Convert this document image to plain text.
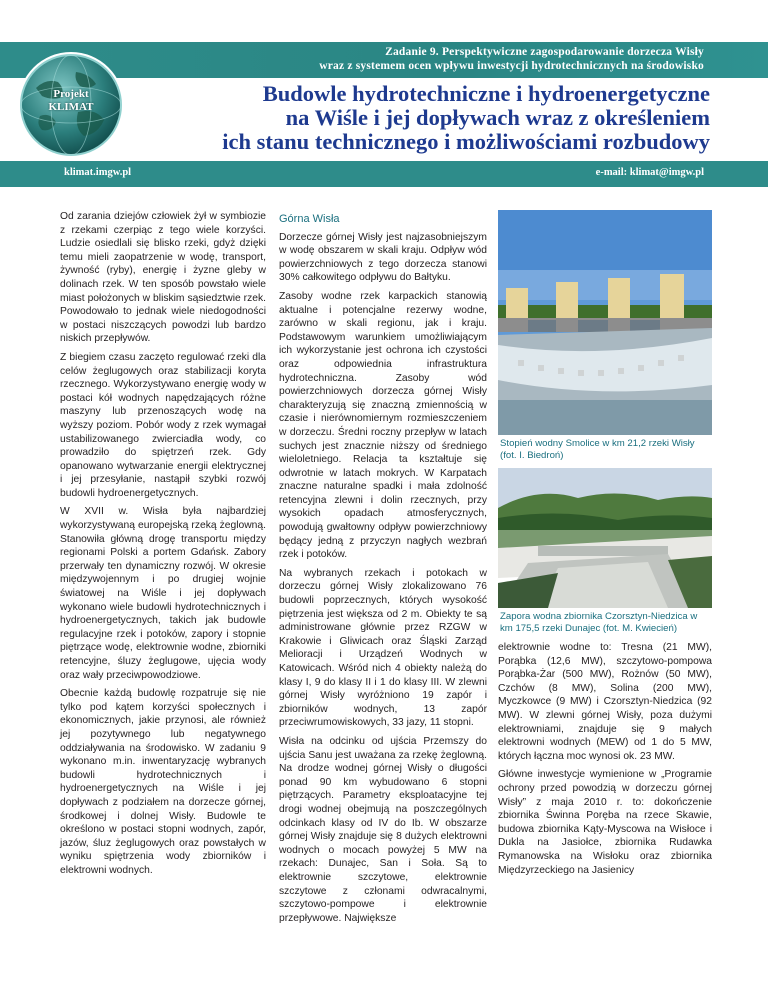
Zadanie 9. Perspektywiczne zagospodarowanie dorzecza Wisły
wraz z systemem ocen wpływu inwestycji hydrotechnicznych na środowisko
Projekt
KLIMAT
Budowle hydrotechniczne i hydroenergetyczne
na Wiśle i jej dopływach wraz z określeniem
ich stanu technicznego i możliwościami rozbudowy
klimat.imgw.pl	e-mail: klimat@imgw.pl

Od zarania dziejów człowiek żył w symbiozie z rzekami czerpiąc z tego wiele korzyści. Ludzie osiedlali się blisko rzeki, gdyż dzięki temu mieli zaopatrzenie w wodę, transport, żywność (ryby), energię i żyzne gleby w dolinach rzek. W ten sposób powstało wiele miast położonych w bliskim sąsiedztwie rzek. Powodowało to jednak wiele niedogodności w postaci niszczących powodzi lub bardzo niskich przepływów.

Z biegiem czasu zaczęto regulować rzeki dla celów żeglugowych oraz stabilizacji koryta rzecznego. Wykorzystywano energię wody w postaci kół wodnych napędzających różne maszyny lub przenoszących wodę na wyższy poziom. Pobór wody z rzek wymagał ustabilizowanego zwierciadła wody, co prowadziło do spiętrzeń rzek. Gdy opanowano wytwarzanie energii elektrycznej i jej przesyłanie, nastąpił szybki rozwój budowli hydroenergetycznych.

W XVII w. Wisła była najbardziej wykorzystywaną europejską rzeką żeglowną. Stanowiła główną drogę transportu między regionami Polski a portem Gdańsk. Zabory przerwały ten dynamiczny rozwój. W okresie międzywojennym i po drugiej wojnie światowej na Wiśle i jej dopływach wykonano wiele budowli hydrotechnicznych i hydroenergetycznych, takich jak budowle regulacyjne rzek i potoków, zapory i stopnie piętrzące wodę, elektrownie wodne, zbiorniki retencyjne, śluzy żeglugowe, ujęcia wody oraz wały przeciwpowodziowe.

Obecnie każdą budowlę rozpatruje się nie tylko pod kątem korzyści społecznych i ekonomicznych, jakie przynosi, ale również jej pozytywnego lub negatywnego oddziaływania na środowisko. W zadaniu 9 wykonano m.in. inwentaryzację wybranych budowli hydrotechnicznych i hydroenergetycznych na Wiśle i jej dopływach z podziałem na dorzecze górnej, środkowej i dolnej Wisły. Budowle te określono w postaci stopni wodnych, zapór, jazów, śluz żeglugowych oraz powstałych w wyniku spiętrzenia wody zbiorników i elektrowni wodnych.

Górna Wisła

Dorzecze górnej Wisły jest najzasobniejszym w wodę obszarem w skali kraju. Odpływ wód powierzchniowych z tego dorzecza stanowi 30% całkowitego odpływu do Bałtyku.

Zasoby wodne rzek karpackich stanowią aktualne i potencjalne rezerwy wodne, zarówno w skali regionu, jak i kraju. Podstawowym warunkiem umożliwiającym ich wykorzystanie jest ochrona ich czystości oraz odpowiednia infrastruktura hydrotechniczna. Zasoby wód powierzchniowych dorzecza górnej Wisły charakteryzują się znaczną zmiennością w czasie i nierównomiernym rozmieszczeniem w dorzeczu. Średni roczny przepływ w latach suchych jest znacznie niższy od średniego wieloletniego. Relacja ta kształtuje się odwrotnie w latach mokrych. W Karpatach znaczne naturalne spadki i mała zdolność retencyjna zlewni i dolin rzecznych, przy wysokich opadach atmosferycznych, powodują gwałtowny odpływ powierzchniowy będący jedną z przyczyn nagłych wezbrań rzek i potoków.

Na wybranych rzekach i potokach w dorzeczu górnej Wisły zlokalizowano 76 budowli poprzecznych, których wysokość piętrzenia jest większa od 2 m. Obiekty te są administrowane głównie przez RZGW w Krakowie i Gliwicach oraz Śląski Zarząd Melioracji i Urządzeń Wodnych w Katowicach. Wśród nich 4 obiekty należą do klasy I, 9 do klasy II i 1 do klasy III. W zlewni górnej Wisły wyróżniono 19 zapór i zbiorników wodnych, 13 zapór przeciwrumowiskowych, 33 jazy, 11 stopni.

Wisła na odcinku od ujścia Przemszy do ujścia Sanu jest uważana za rzekę żeglowną. Na drodze wodnej górnej Wisły o długości ponad 90 km wybudowano 6 stopni piętrzących. Parametry eksploatacyjne tej drogi wodnej obejmują na poszczególnych odcinkach klasy od IV do Ib. W obszarze górnej Wisły znajduje się 8 dużych elektrowni wodnych o mocach powyżej 5 MW na rzekach: Dunajec, San i Soła. Są to elektrownie szczytowe, elektrownie szczytowe z członami odwracalnymi, szczytowo-pompowe i elektrownie przepływowe. Największe

Stopień wodny Smolice w km 21,2 rzeki Wisły (fot. I. Biedroń)
Zapora wodna zbiornika Czorsztyn-Niedzica w km 175,5 rzeki Dunajec (fot. M. Kwiecień)

elektrownie wodne to: Tresna (21 MW), Porąbka (12,6 MW), szczytowo-pompowa Porąbka-Żar (500 MW), Rożnów (50 MW), Czchów (8 MW), Solina (200 MW), Myczkowce (9 MW) i Czorsztyn-Niedzica (92 MW). W zlewni górnej Wisły, poza dużymi elektrowniami, znajduje się 9 małych elektrowni wodnych (MEW) od 1 do 5 MW, których łączna moc wynosi ok. 23 MW.

Główne inwestycje wymienione w „Programie ochrony przed powodzią w dorzeczu górnej Wisły” z maja 2010 r. to: dokończenie zbiornika Świnna Poręba na rzece Skawie, budowa zbiornika Kąty-Myscowa na Wisłoce i Dukla na Jasiołce, zbiornika Rudawka Rymanowska na Wisłoku oraz zbiornika Międzyrzeckiego na Jasienicy
